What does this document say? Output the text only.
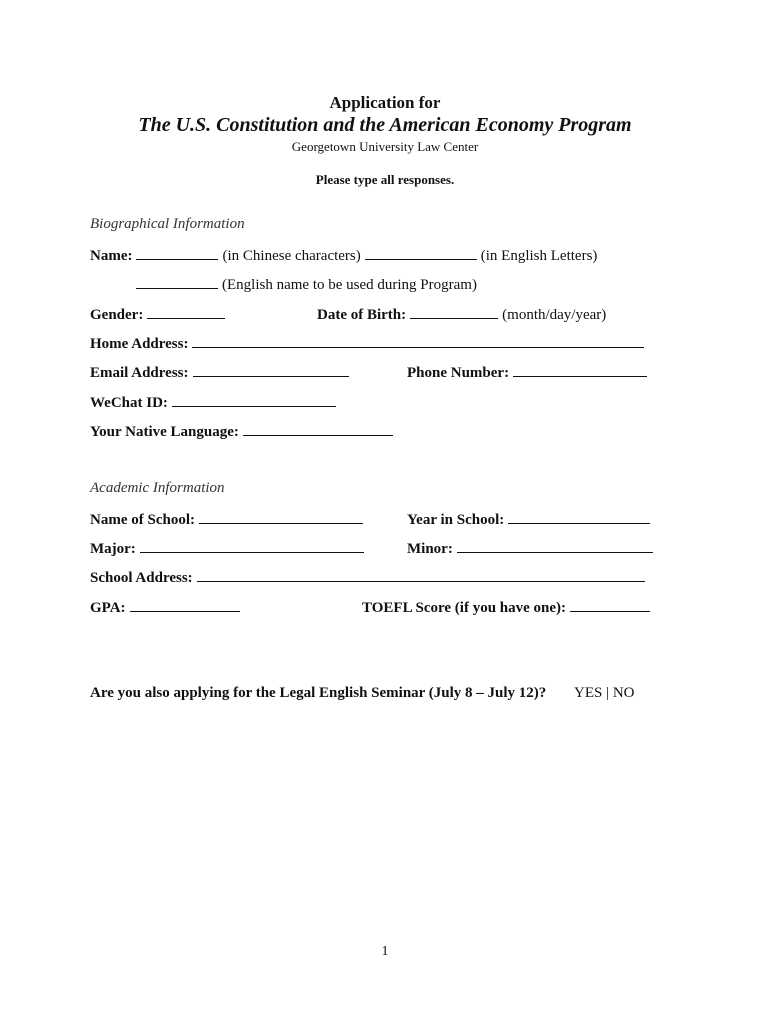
Application for
The U.S. Constitution and the American Economy Program
Georgetown University Law Center
Please type all responses.
Biographical Information
Name:	(in Chinese characters)	(in English Letters)
(English name to be used during Program)
Gender:	Date of Birth:	(month/day/year)
Home Address:
Email Address:	Phone Number:
WeChat ID:
Your Native Language:
Academic Information
Name of School:	Year in School:
Major:	Minor:
School Address:
GPA:	TOEFL Score (if you have one):
Are you also applying for the Legal English Seminar (July 8 – July 12)? YES | NO
1
